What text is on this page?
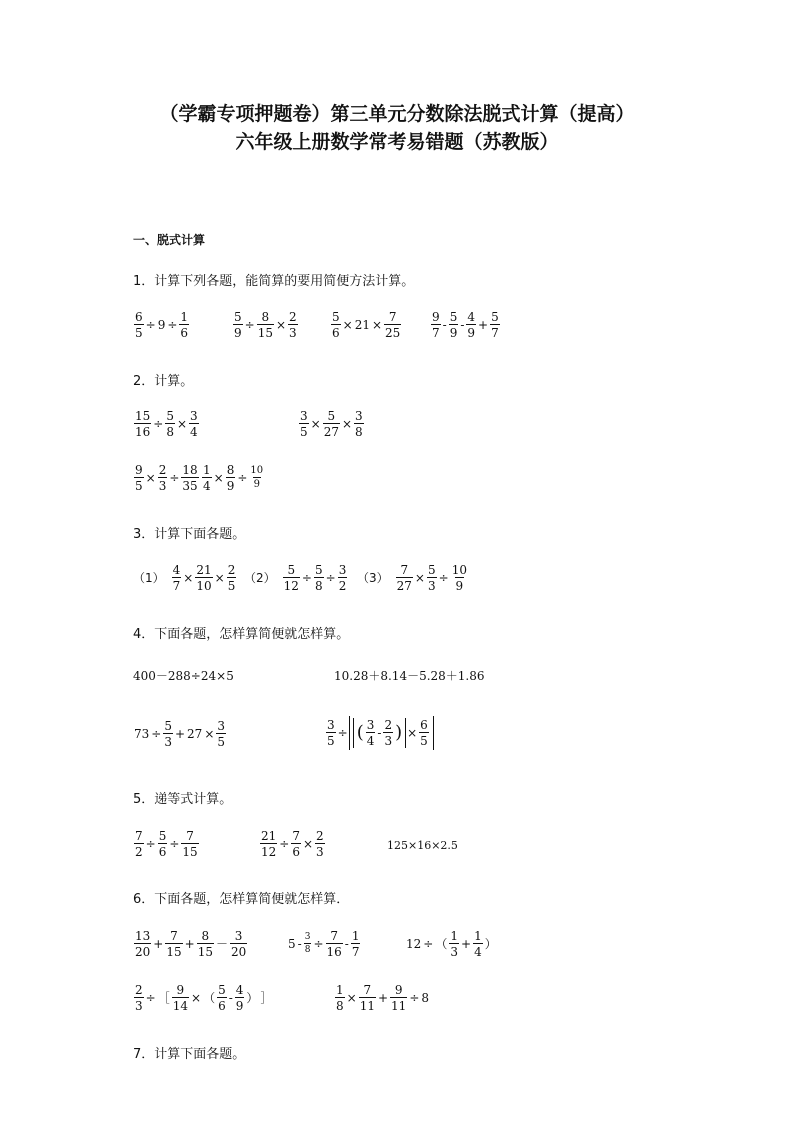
（学霸专项押题卷）第三单元分数除法脱式计算（提高）
六年级上册数学常考易错题（苏教版）
一、脱式计算
1．计算下列各题，能简算的要用简便方法计算。
$\frac{6}{5} \div 9 \div \frac{1}{6}$	$\frac{5}{9} \div \frac{8}{15} \times \frac{2}{3}$	$\frac{5}{6} \times 21 \times \frac{7}{25} \frac{9}{7} - \frac{5}{9} - \frac{4}{9} + \frac{5}{7}$
2．计算。
$\frac{15}{16} \div \frac{5}{8} \times \frac{3}{4}$	$\frac{3}{5} \times \frac{5}{27} \times \frac{3}{8}$
$\frac{9}{5} \times \frac{2}{3} \div \frac{18}{35} \frac{1}{4} \times \frac{8}{9} \div \frac{10}{9}$
3．计算下面各题。
$(1) \frac{4}{7} \times \frac{21}{10} \times \frac{2}{5} (2) \frac{5}{12} \div \frac{5}{8} \div \frac{3}{2} (3) \frac{7}{27} \times \frac{5}{3} \div \frac{10}{9}$
4．下面各题，怎样算简便就怎样算。
400－288÷24×5	10.28＋8.14－5.28＋1.86
$73 \div \frac{5}{3} + 27 \times \frac{3}{5}$	$\frac{3}{5}$ ÷ ( $\frac{3}{4} - \frac{2}{3}$ ) × $\frac{6}{5}$
5．递等式计算。
$\frac{7}{2} \div \frac{5}{6} \div \frac{7}{15}$	$\frac{21}{12} \div \frac{7}{6} \times \frac{2}{3}$	125×16×2.5
6．下面各题，怎样算简便就怎样算．
$\frac{13}{20} + \frac{7}{15} + \frac{8}{15} - \frac{3}{20}$	$5 - \frac{3}{8} \div \frac{7}{16} - \frac{1}{7}$	12 ÷ （ $\frac{1}{3} + \frac{1}{4}$ ）
$\frac{2}{3}$ ÷ ［ $\frac{9}{14}$ × （ $\frac{5}{6} - \frac{4}{9}$ ） ］	$\frac{1}{8} \times \frac{7}{11} + \frac{9}{11} \div 8$
7．计算下面各题。
